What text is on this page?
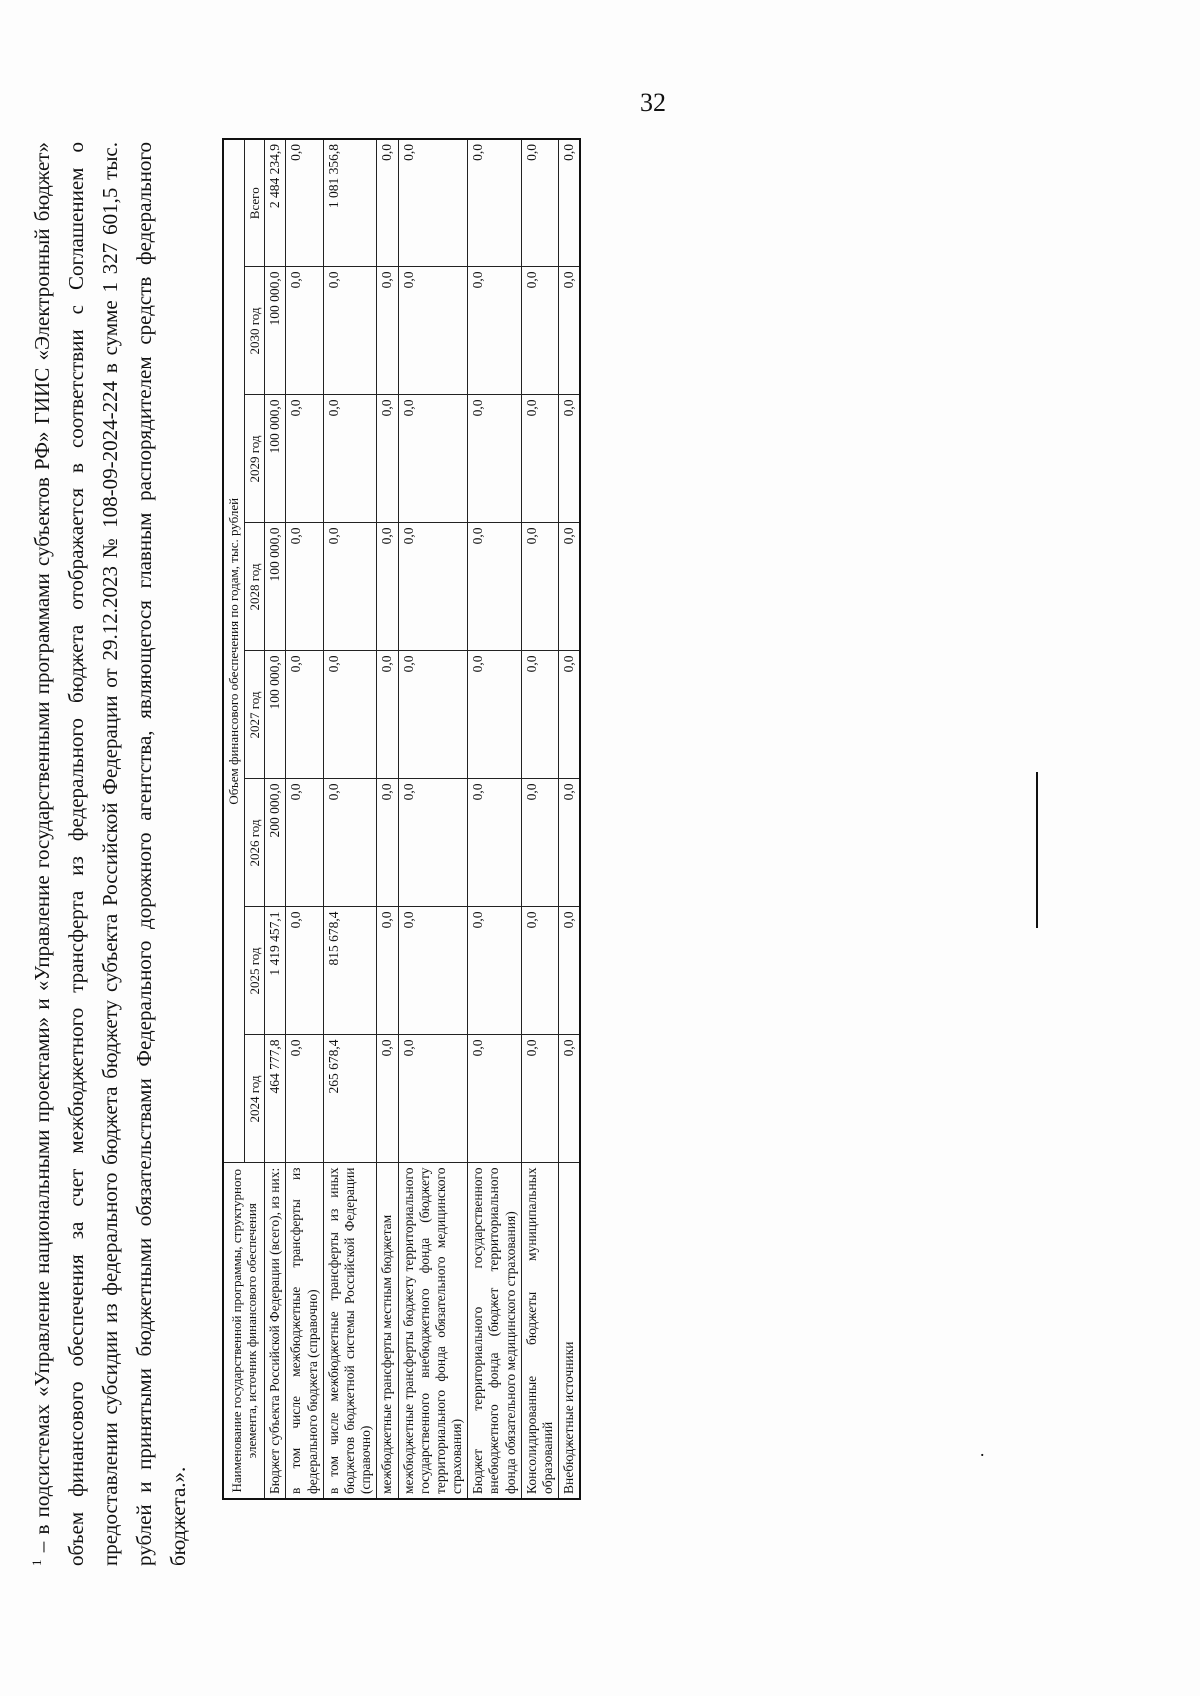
32
Наименование государственной программы, структурного элемента, источник финансового обеспечения	Объем финансового обеспечения по годам, тыс. рублей							
	2024 год	2025 год	2026 год	2027 год	2028 год	2029 год	2030 год	Всего
Бюджет субъекта Российской Федерации (всего), из них:	464 777,8	1 419 457,1	200 000,0	100 000,0	100 000,0	100 000,0	100 000,0	2 484 234,9
в том числе межбюджетные трансферты из федерального бюджета (справочно)	0,0	0,0	0,0	0,0	0,0	0,0	0,0	0,0
в том числе межбюджетные трансферты из иных бюджетов бюджетной системы Российской Федерации (справочно)	265 678,4	815 678,4	0,0	0,0	0,0	0,0	0,0	1 081 356,8
межбюджетные трансферты местным бюджетам	0,0	0,0	0,0	0,0	0,0	0,0	0,0	0,0
межбюджетные трансферты бюджету территориального государственного внебюджетного фонда (бюджету территориального фонда обязательного медицинского страхования)	0,0	0,0	0,0	0,0	0,0	0,0	0,0	0,0
Бюджет территориального государственного внебюджетного фонда (бюджет территориального фонда обязательного медицинского страхования)	0,0	0,0	0,0	0,0	0,0	0,0	0,0	0,0
Консолидированные бюджеты муниципальных образований	0,0	0,0	0,0	0,0	0,0	0,0	0,0	0,0
Внебюджетные источники	0,0	0,0	0,0	0,0	0,0	0,0	0,0	0,0
.
$^1$ – в подсистемах «Управление национальными проектами» и «Управление государственными программами субъектов РФ» ГИИС «Электронный бюджет» объем финансового обеспечения за счет межбюджетного трансферта из федерального бюджета отображается в соответствии с Соглашением о предоставлении субсидии из федерального бюджета бюджету субъекта Российской Федерации от 29.12.2023 № 108-09-2024-224 в сумме 1 327 601,5 тыс. рублей и принятыми бюджетными обязательствами Федерального дорожного агентства, являющегося главным распорядителем средств федерального бюджета.».
